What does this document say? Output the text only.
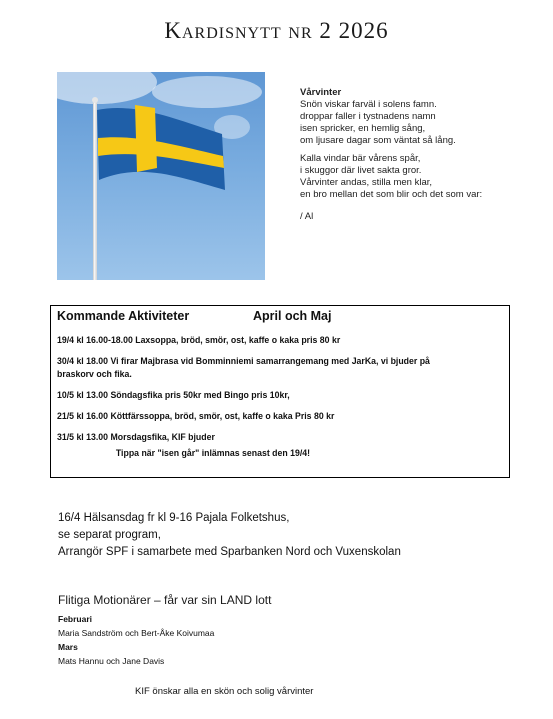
Kardisnytt nr 2 2026
Vårvinter
Snön viskar farväl i solens famn.
droppar faller i tystnadens namn
isen spricker, en hemlig sång,
om ljusare dagar som väntat så lång.
Kalla vindar bär vårens spår,
i skuggor där livet sakta gror.
Vårvinter andas, stilla men klar,
en bro mellan det som blir och det som var:
/ Al
Kommande Aktiviteter	April och Maj
19/4 kl 16.00-18.00 Laxsoppa, bröd, smör, ost, kaffe o kaka pris 80 kr
30/4 kl 18.00 Vi firar Majbrasa vid Bomminniemi samarrangemang med JarKa, vi bjuder på braskorv och fika.
10/5 kl 13.00 Söndagsfika pris 50kr med Bingo pris 10kr,
21/5 kl 16.00 Köttfärssoppa, bröd, smör, ost, kaffe o kaka Pris 80 kr
31/5 kl 13.00 Morsdagsfika, KIF bjuder
Tippa när "isen går" inlämnas senast den 19/4!
16/4 Hälsansdag fr kl 9-16 Pajala Folketshus,
se separat program,
Arrangör SPF i samarbete med Sparbanken Nord och Vuxenskolan
Flitiga Motionärer – får var sin LAND lott
Februari
Maria Sandström och Bert-Åke Koivumaa
Mars
Mats Hannu och Jane Davis
KIF önskar alla en skön och solig vårvinter
